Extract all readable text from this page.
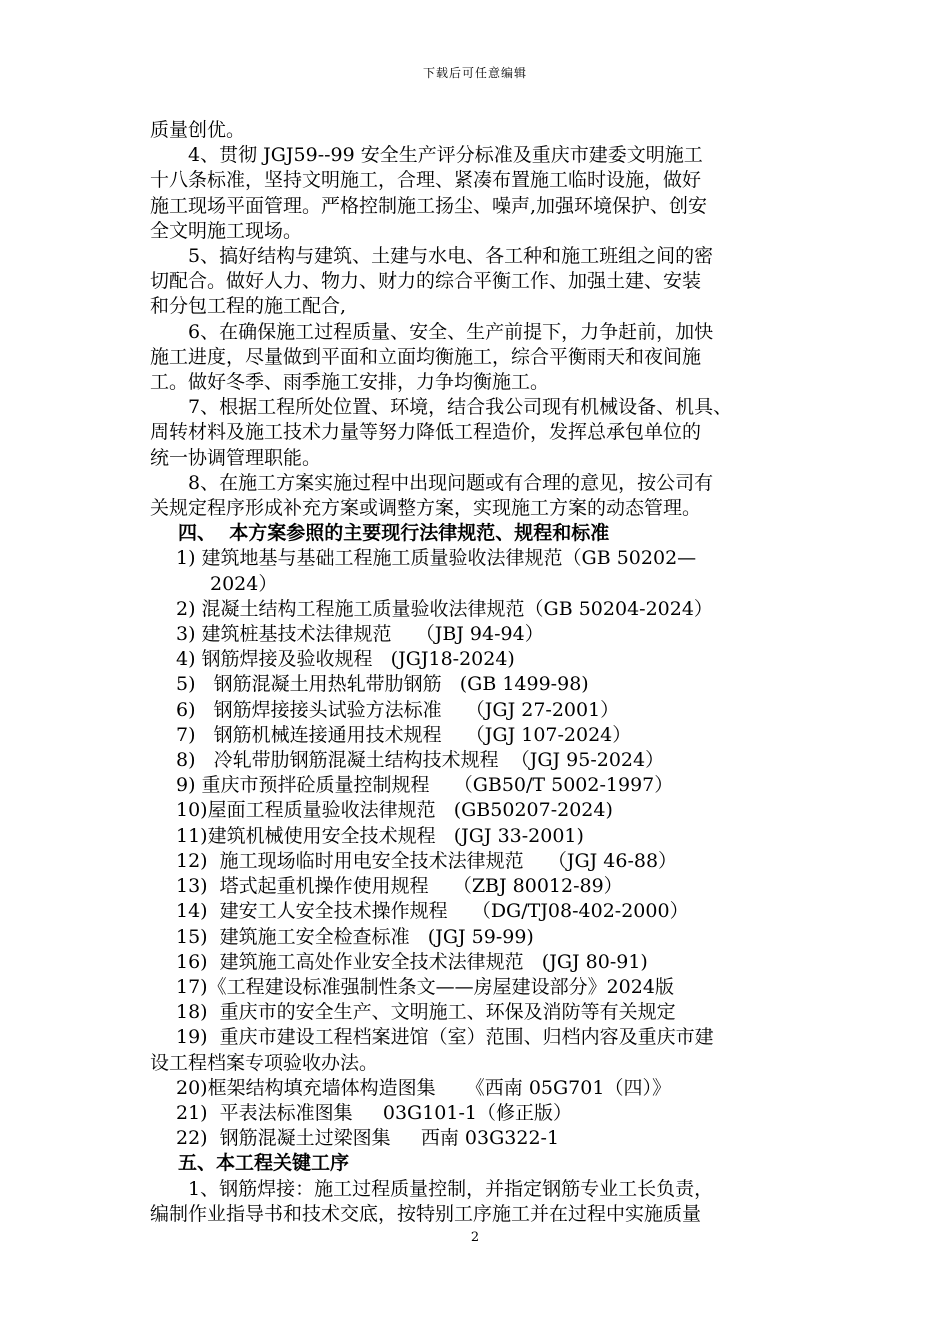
下载后可任意编辑

质量创优。

4、贯彻 JGJ59--99 安全生产评分标准及重庆市建委文明施工

十八条标准，坚持文明施工，合理、紧凑布置施工临时设施，做好

施工现场平面管理。严格控制施工扬尘、噪声,加强环境保护、创安

全文明施工现场。

5、搞好结构与建筑、土建与水电、各工种和施工班组之间的密

切配合。做好人力、物力、财力的综合平衡工作、加强土建、安装

和分包工程的施工配合,

6、在确保施工过程质量、安全、生产前提下，力争赶前，加快

施工进度，尽量做到平面和立面均衡施工，综合平衡雨天和夜间施

工。做好冬季、雨季施工安排，力争均衡施工。

7、根据工程所处位置、环境，结合我公司现有机械设备、机具、

周转材料及施工技术力量等努力降低工程造价，发挥总承包单位的

统一协调管理职能。

8、在施工方案实施过程中出现问题或有合理的意见，按公司有

关规定程序形成补充方案或调整方案，实现施工方案的动态管理。

四、  本方案参照的主要现行法律规范、规程和标准

1) 建筑地基与基础工程施工质量验收法律规范（GB 50202—

2024）

2) 混凝土结构工程施工质量验收法律规范（GB 50204-2024）

3) 建筑桩基技术法律规范    （JBJ 94-94）

4) 钢筋焊接及验收规程   (JGJ18-2024)

5)   钢筋混凝土用热轧带肋钢筋   (GB 1499-98)

6)   钢筋焊接接头试验方法标准    （JGJ 27-2001）

7)   钢筋机械连接通用技术规程    （JGJ 107-2024）

8)   冷轧带肋钢筋混凝土结构技术规程  （JGJ 95-2024）

9) 重庆市预拌砼质量控制规程    （GB50/T 5002-1997）

10)屋面工程质量验收法律规范   (GB50207-2024)

11)建筑机械使用安全技术规程   (JGJ 33-2001)

12)  施工现场临时用电安全技术法律规范    （JGJ 46-88）

13)  塔式起重机操作使用规程    （ZBJ 80012-89）

14)  建安工人安全技术操作规程    （DG/TJ08-402-2000）

15)  建筑施工安全检查标准   (JGJ 59-99)

16)  建筑施工高处作业安全技术法律规范   (JGJ 80-91)

17)《工程建设标准强制性条文——房屋建设部分》2024版

18)  重庆市的安全生产、文明施工、环保及消防等有关规定

19)  重庆市建设工程档案进馆（室）范围、归档内容及重庆市建

设工程档案专项验收办法。

20)框架结构填充墙体构造图集     《西南 05G701（四）》

21)  平表法标准图集     03G101-1（修正版）

22)  钢筋混凝土过梁图集     西南 03G322-1

五、本工程关键工序

1、钢筋焊接：施工过程质量控制，并指定钢筋专业工长负责，

编制作业指导书和技术交底，按特别工序施工并在过程中实施质量

2
